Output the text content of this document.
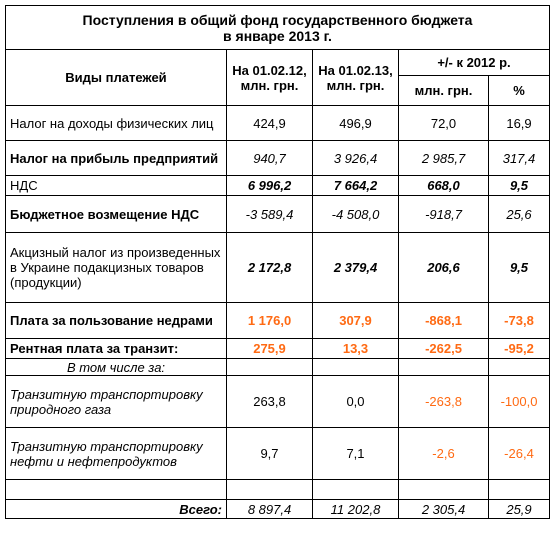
Поступления в общий фонд государственного бюджета
в январе 2013 г.				
Виды платежей	На 01.02.12, млн. грн.	На 01.02.13, млн. грн.	+/- к 2012 р.	
			млн. грн.	%
Налог на доходы физических лиц	424,9	496,9	72,0	16,9
Налог на прибыль предприятий	940,7	3 926,4	2 985,7	317,4
НДС	6 996,2	7 664,2	668,0	9,5
Бюджетное возмещение НДС	-3 589,4	-4 508,0	-918,7	25,6
Акцизный налог из произведенных в Украине подакцизных товаров (продукции)	2 172,8	2 379,4	206,6	9,5
Плата за пользование недрами	1 176,0	307,9	-868,1	-73,8
Рентная плата за транзит:	275,9	13,3	-262,5	-95,2
В том числе за:				
Транзитную транспортировку природного газа	263,8	0,0	-263,8	-100,0
Транзитную транспортировку нефти и нефтепродуктов	9,7	7,1	-2,6	-26,4

Всего:	8 897,4	11 202,8	2 305,4	25,9
